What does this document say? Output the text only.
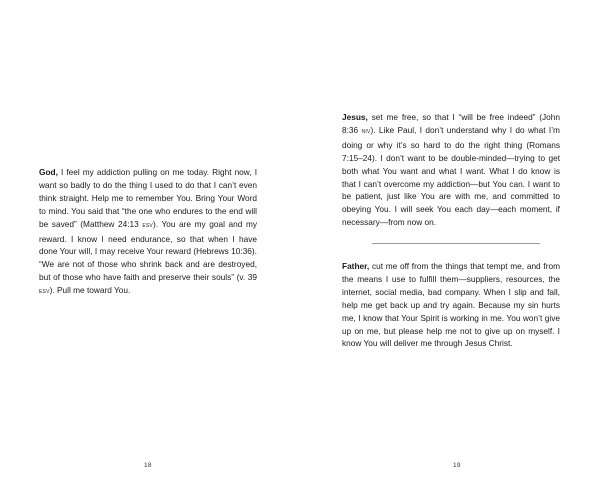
God, I feel my addiction pulling on me today. Right now, I want so badly to do the thing I used to do that I can’t even think straight. Help me to remember You. Bring Your Word to mind. You said that “the one who endures to the end will be saved” (Matthew 24:13 esv). You are my goal and my reward. I know I need endurance, so that when I have done Your will, I may receive Your reward (Hebrews 10:36). “We are not of those who shrink back and are destroyed, but of those who have faith and preserve their souls” (v. 39 esv). Pull me toward You.

18

Jesus, set me free, so that I “will be free indeed” (John 8:36 niv). Like Paul, I don’t understand why I do what I’m doing or why it’s so hard to do the right thing (Romans 7:15–24). I don’t want to be double-minded—trying to get both what You want and what I want. What I do know is that I can’t overcome my addiction—but You can. I want to be patient, just like You are with me, and committed to obeying You. I will seek You each day—each moment, if necessary—from now on.

Father, cut me off from the things that tempt me, and from the means I use to fulfill them—suppliers, resources, the internet, social media, bad company. When I slip and fall, help me get back up and try again. Because my sin hurts me, I know that Your Spirit is working in me. You won’t give up on me, but please help me not to give up on myself. I know You will deliver me through Jesus Christ.

19
